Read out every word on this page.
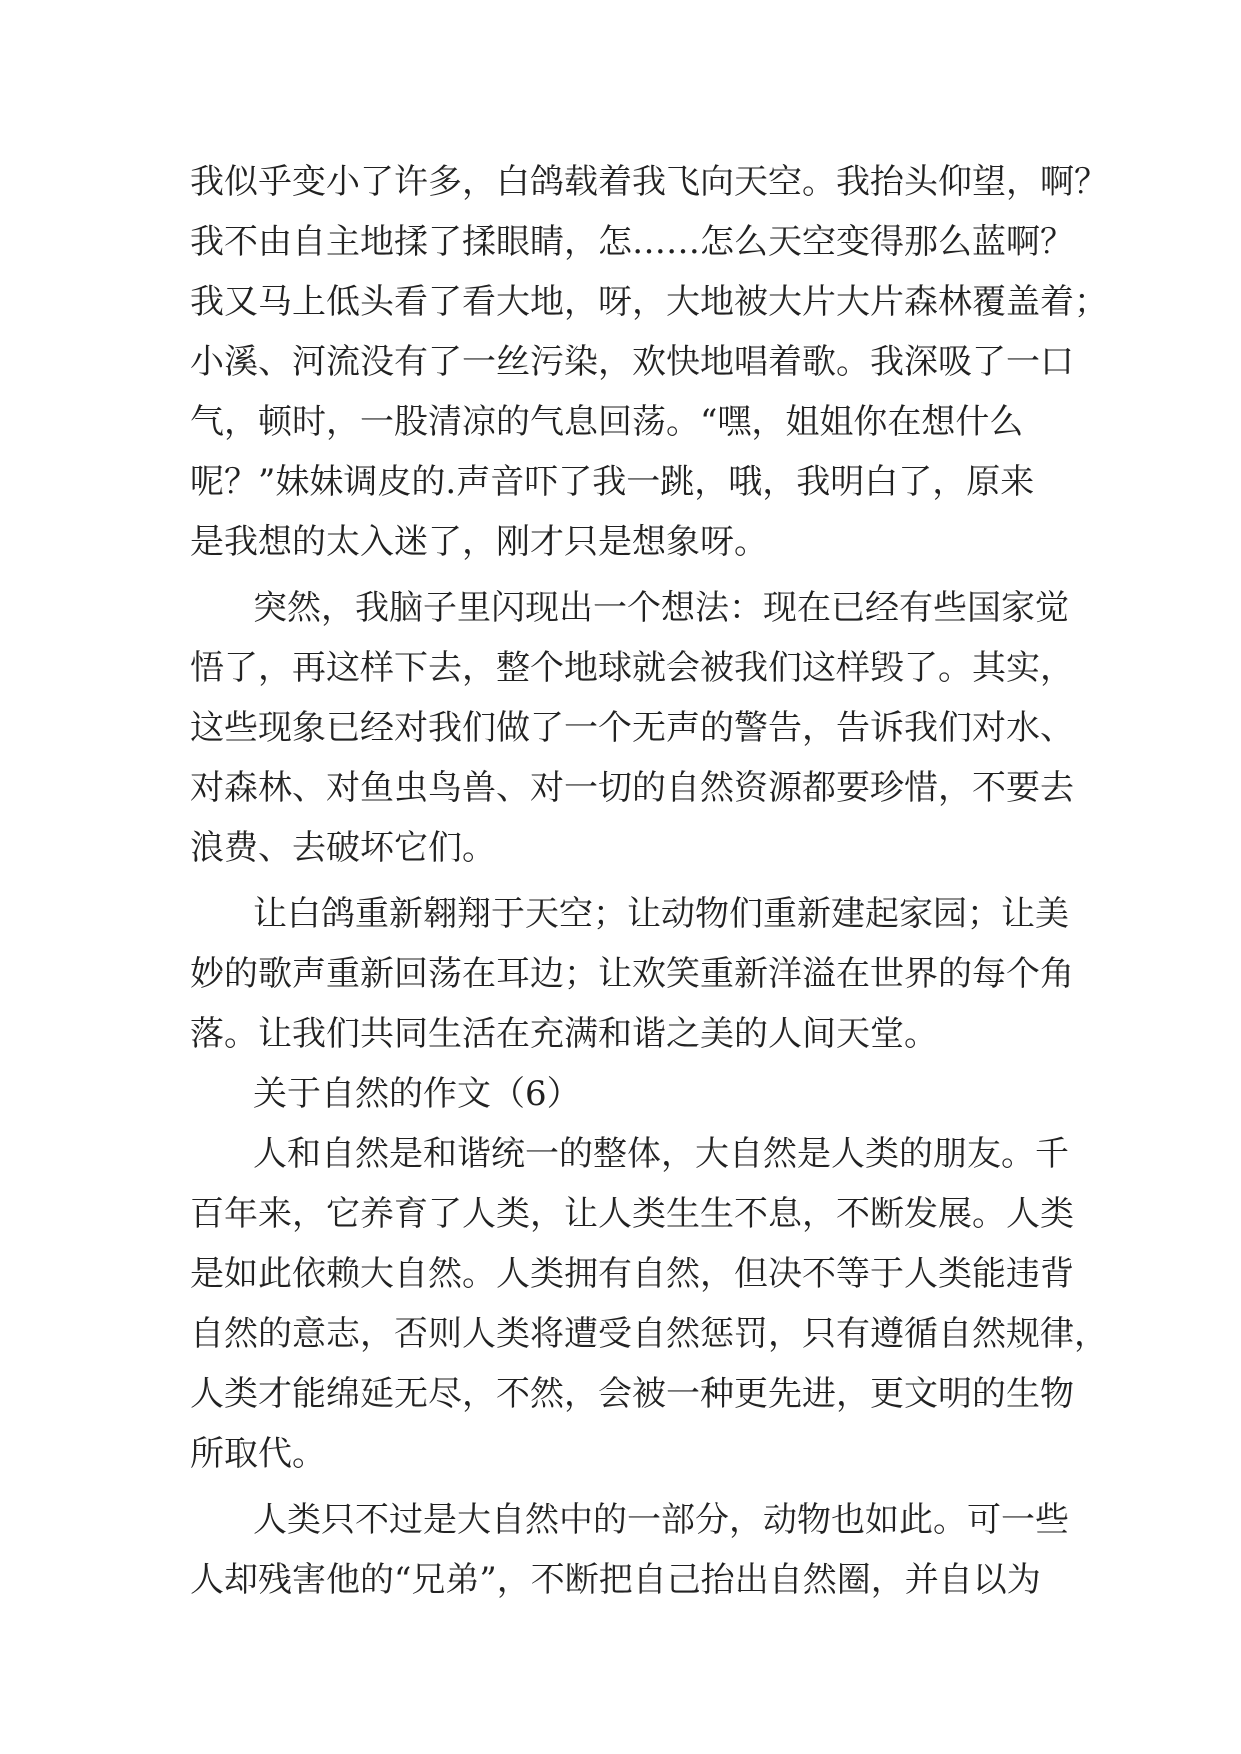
我似乎变小了许多，白鸽载着我飞向天空。我抬头仰望，啊？
我不由自主地揉了揉眼睛，怎……怎么天空变得那么蓝啊？
我又马上低头看了看大地，呀，大地被大片大片森林覆盖着；
小溪、河流没有了一丝污染，欢快地唱着歌。我深吸了一口
气，顿时，一股清凉的气息回荡。“嘿，姐姐你在想什么
呢？”妹妹调皮的.声音吓了我一跳，哦，我明白了，原来
是我想的太入迷了，刚才只是想象呀。
突然，我脑子里闪现出一个想法：现在已经有些国家觉
悟了，再这样下去，整个地球就会被我们这样毁了。其实，
这些现象已经对我们做了一个无声的警告，告诉我们对水、
对森林、对鱼虫鸟兽、对一切的自然资源都要珍惜，不要去
浪费、去破坏它们。
让白鸽重新翱翔于天空；让动物们重新建起家园；让美
妙的歌声重新回荡在耳边；让欢笑重新洋溢在世界的每个角
落。让我们共同生活在充满和谐之美的人间天堂。
关于自然的作文（6）
人和自然是和谐统一的整体，大自然是人类的朋友。千
百年来，它养育了人类，让人类生生不息，不断发展。人类
是如此依赖大自然。人类拥有自然，但决不等于人类能违背
自然的意志，否则人类将遭受自然惩罚，只有遵循自然规律，
人类才能绵延无尽，不然，会被一种更先进，更文明的生物
所取代。
人类只不过是大自然中的一部分，动物也如此。可一些
人却残害他的“兄弟”，不断把自己抬出自然圈，并自以为
